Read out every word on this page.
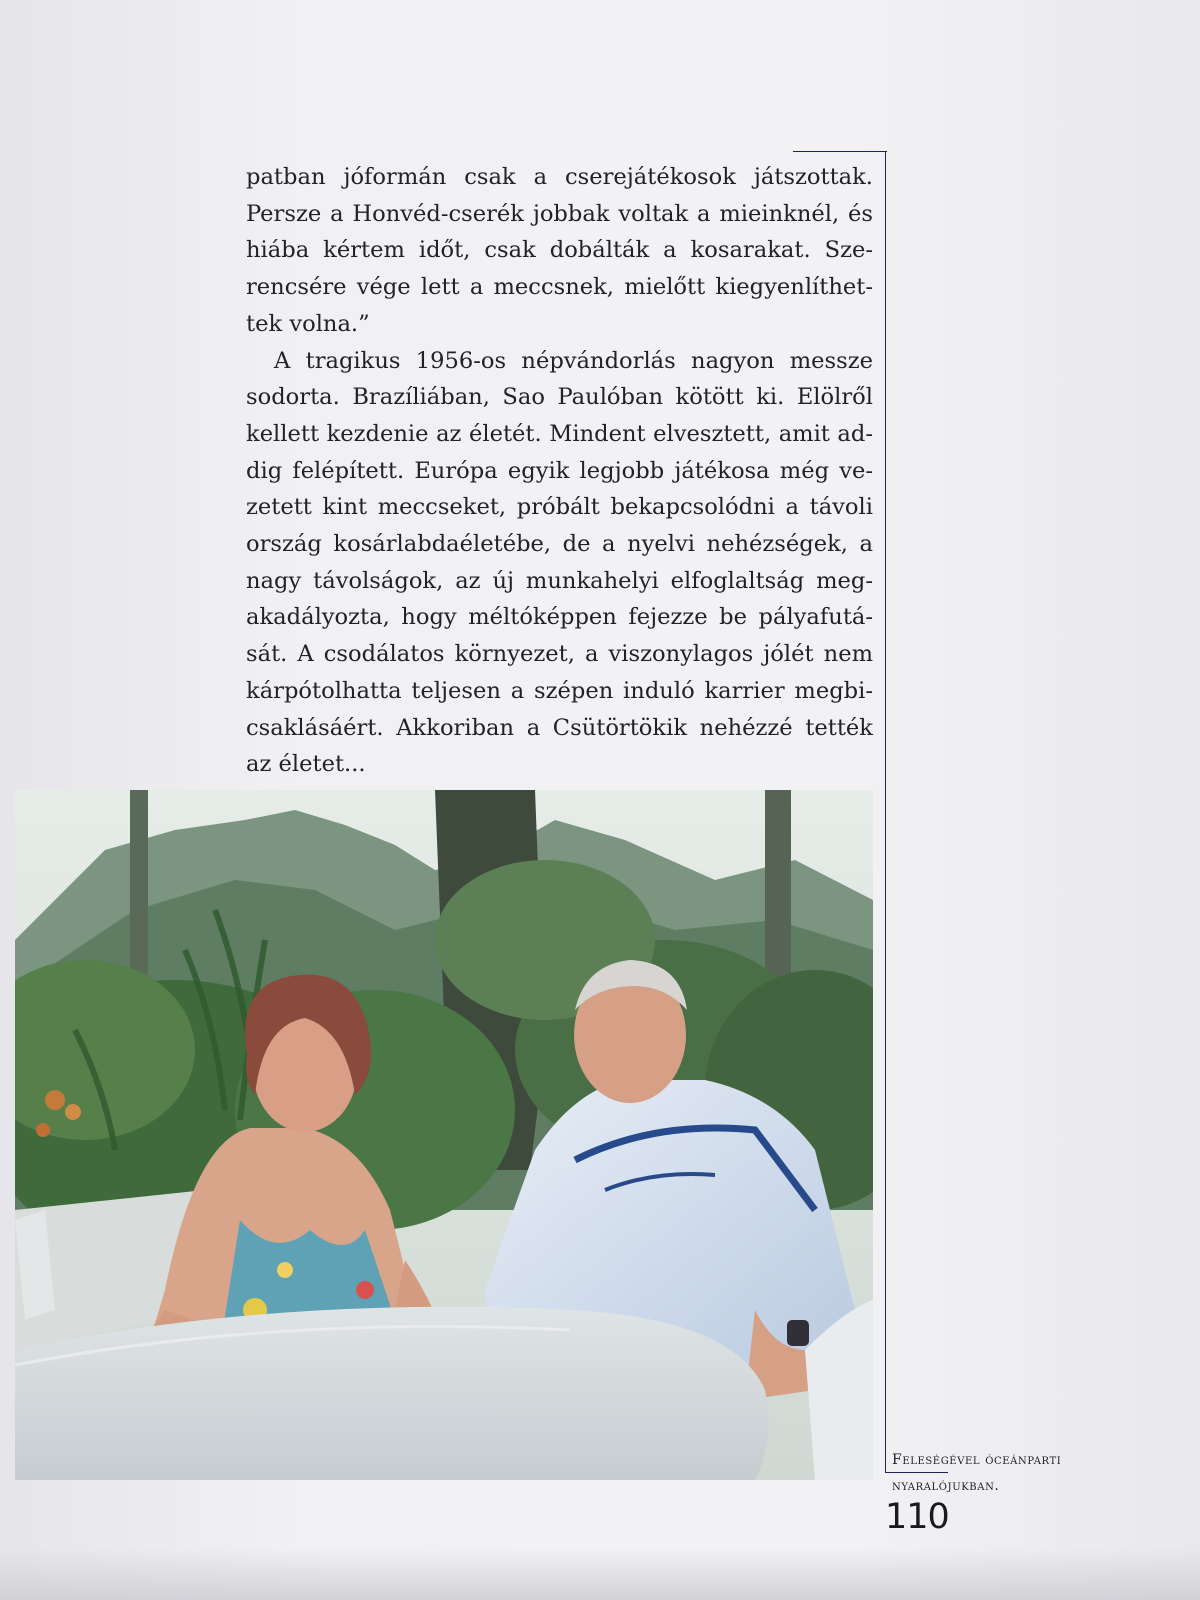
patban jóformán csak a cserejátékosok játszottak.

Persze a Honvéd-cserék jobbak voltak a mieinknél, és

hiába kértem időt, csak dobálták a kosarakat. Sze-

rencsére vége lett a meccsnek, mielőtt kiegyenlíthet-

tek volna.”

A tragikus 1956-os népvándorlás nagyon messze

sodorta. Brazíliában, Sao Paulóban kötött ki. Elölről

kellett kezdenie az életét. Mindent elvesztett, amit ad-

dig felépített. Európa egyik legjobb játékosa még ve-

zetett kint meccseket, próbált bekapcsolódni a távoli

ország kosárlabdaéletébe, de a nyelvi nehézségek, a

nagy távolságok, az új munkahelyi elfoglaltság meg-

akadályozta, hogy méltóképpen fejezze be pályafutá-

sát. A csodálatos környezet, a viszonylagos jólét nem

kárpótolhatta teljesen a szépen induló karrier megbi-

csaklásáért. Akkoriban a Csütörtökik nehézzé tették

az életet...

Feleségével óceánparti
nyaralójukban.
110
